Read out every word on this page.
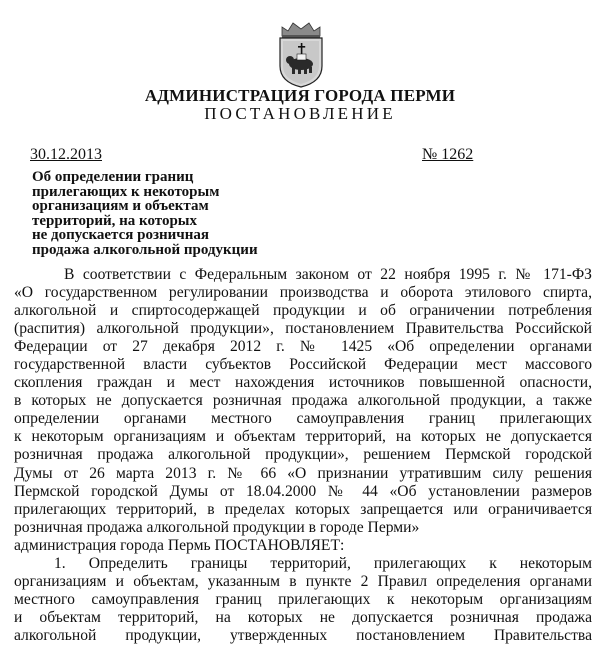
АДМИНИСТРАЦИЯ ГОРОДА ПЕРМИ
ПОСТАНОВЛЕНИЕ
30.12.2013	№ 1262
Об определении границ
прилегающих к некоторым
организациям и объектам
территорий, на которых
не допускается розничная
продажа алкогольной продукции
В соответствии с Федеральным законом от 22 ноября 1995 г. № 171-ФЗ
«О государственном регулировании производства и оборота этилового спирта,
алкогольной и спиртосодержащей продукции и об ограничении потребления
(распития) алкогольной продукции», постановлением Правительства Российской
Федерации от 27 декабря 2012 г. № 1425 «Об определении органами
государственной власти субъектов Российской Федерации мест массового
скопления граждан и мест нахождения источников повышенной опасности,
в которых не допускается розничная продажа алкогольной продукции, а также
определении органами местного самоуправления границ прилегающих
к некоторым организациям и объектам территорий, на которых не допускается
розничная продажа алкогольной продукции», решением Пермской городской
Думы от 26 марта 2013 г. № 66 «О признании утратившим силу решения
Пермской городской Думы от 18.04.2000 № 44 «Об установлении размеров
прилегающих территорий, в пределах которых запрещается или ограничивается
розничная продажа алкогольной продукции в городе Перми»
администрация города Пермь ПОСТАНОВЛЯЕТ:
1. Определить границы территорий, прилегающих к некоторым
организациям и объектам, указанным в пункте 2 Правил определения органами
местного самоуправления границ прилегающих к некоторым организациям
и объектам территорий, на которых не допускается розничная продажа
алкогольной продукции, утвержденных постановлением Правительства
